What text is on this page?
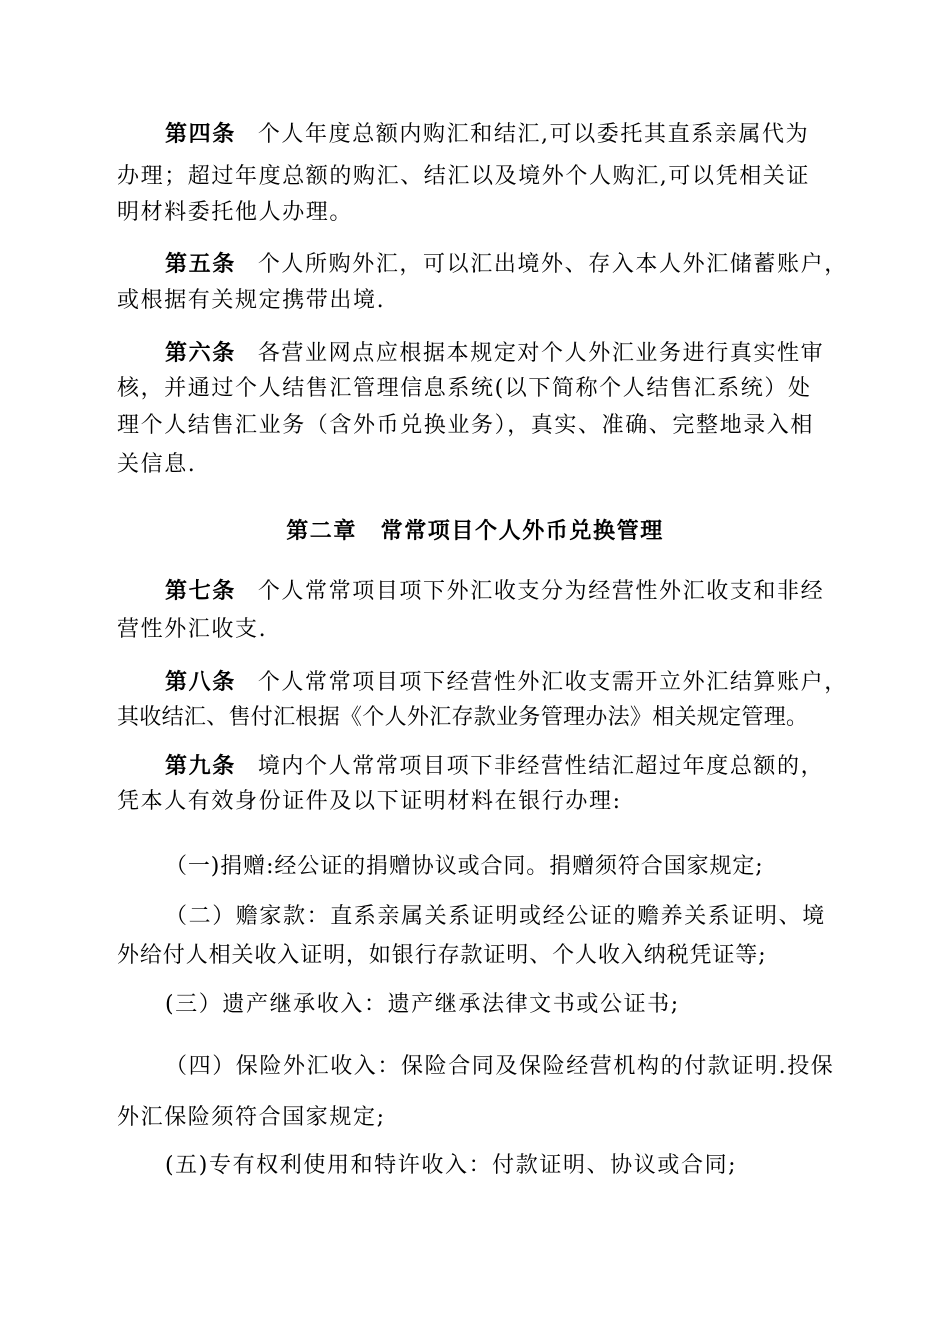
第四条 个人年度总额内购汇和结汇,可以委托其直系亲属代为
办理；超过年度总额的购汇、结汇以及境外个人购汇,可以凭相关证
明材料委托他人办理。
第五条 个人所购外汇，可以汇出境外、存入本人外汇储蓄账户，
或根据有关规定携带出境.
第六条 各营业网点应根据本规定对个人外汇业务进行真实性审
核，并通过个人结售汇管理信息系统(以下简称个人结售汇系统）处
理个人结售汇业务（含外币兑换业务），真实、准确、完整地录入相
关信息.
第二章　常常项目个人外币兑换管理
第七条 个人常常项目项下外汇收支分为经营性外汇收支和非经
营性外汇收支.
第八条 个人常常项目项下经营性外汇收支需开立外汇结算账户，
其收结汇、售付汇根据《个人外汇存款业务管理办法》相关规定管理。
第九条 境内个人常常项目项下非经营性结汇超过年度总额的，
凭本人有效身份证件及以下证明材料在银行办理:
（一)捐赠:经公证的捐赠协议或合同。捐赠须符合国家规定;
（二）赡家款：直系亲属关系证明或经公证的赡养关系证明、境
外给付人相关收入证明，如银行存款证明、个人收入纳税凭证等;
(三）遗产继承收入：遗产继承法律文书或公证书;
（四）保险外汇收入：保险合同及保险经营机构的付款证明.投保
外汇保险须符合国家规定;
(五)专有权利使用和特许收入：付款证明、协议或合同;
